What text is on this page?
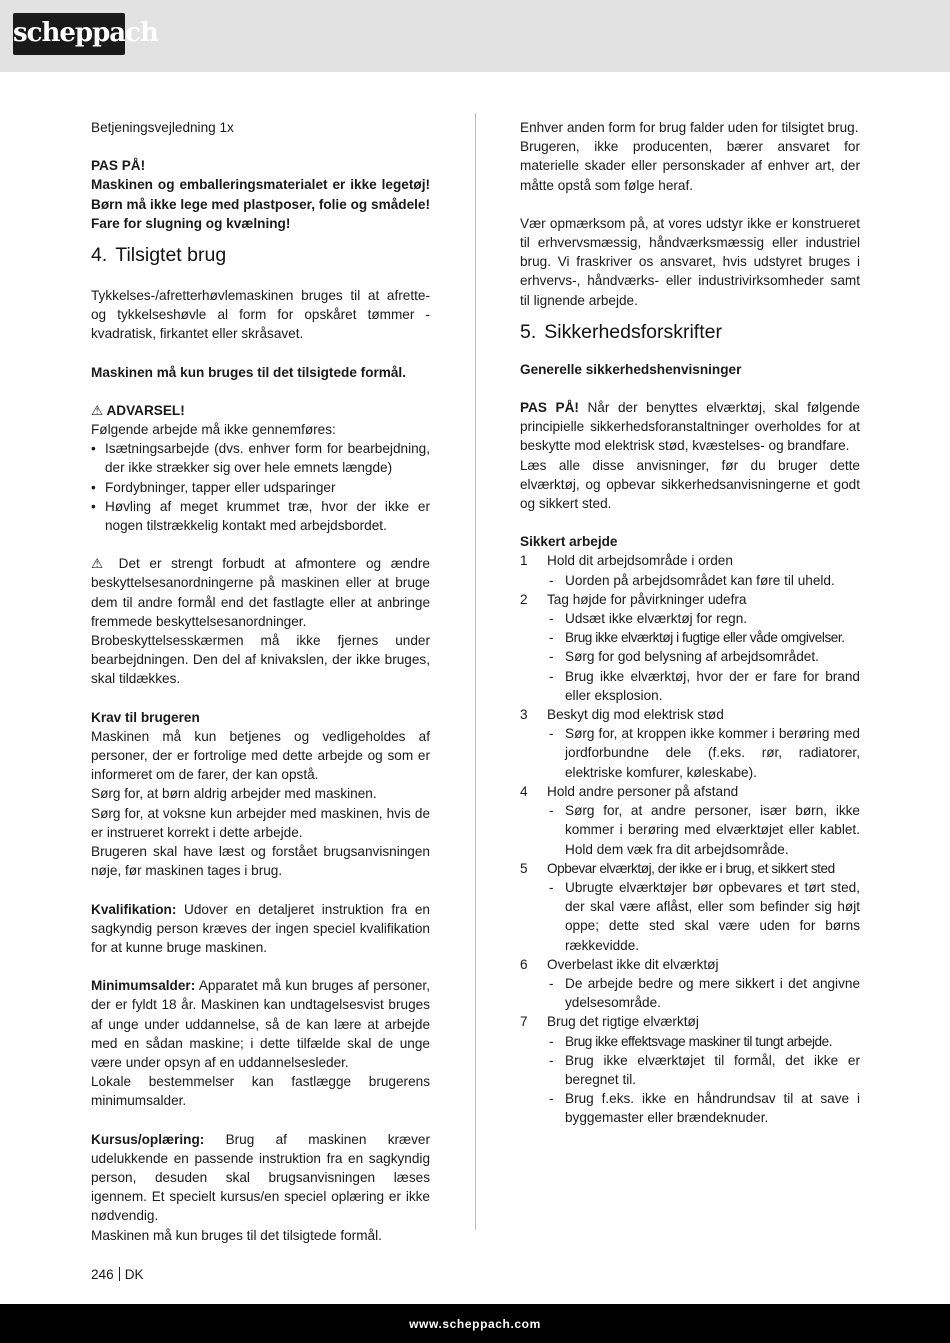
scheppach

Betjeningsvejledning 1x

PAS PÅ!

Maskinen og emballeringsmaterialet er ikke legetøj! Børn må ikke lege med plastposer, folie og smådele! Fare for slugning og kvælning!

4. Tilsigtet brug

Tykkelses-/afretterhøvlemaskinen bruges til at afrette- og tykkelseshøvle al form for opskåret tømmer - kvadratisk, firkantet eller skråsavet.

Maskinen må kun bruges til det tilsigtede formål.

⚠ ADVARSEL!

Følgende arbejde må ikke gennemføres:

• Isætningsarbejde (dvs. enhver form for bearbejdning, der ikke strækker sig over hele emnets længde)
• Fordybninger, tapper eller udsparinger
• Høvling af meget krummet træ, hvor der ikke er nogen tilstrækkelig kontakt med arbejdsbordet.

⚠ Det er strengt forbudt at afmontere og ændre beskyttelsesanordningerne på maskinen eller at bruge dem til andre formål end det fastlagte eller at anbringe fremmede beskyttelsesanordninger.

Brobeskyttelsesskærmen må ikke fjernes under bearbejdningen. Den del af knivakslen, der ikke bruges, skal tildækkes.

Krav til brugeren

Maskinen må kun betjenes og vedligeholdes af personer, der er fortrolige med dette arbejde og som er informeret om de farer, der kan opstå.

Sørg for, at børn aldrig arbejder med maskinen.

Sørg for, at voksne kun arbejder med maskinen, hvis de er instrueret korrekt i dette arbejde.

Brugeren skal have læst og forstået brugsanvisningen nøje, før maskinen tages i brug.

Kvalifikation: Udover en detaljeret instruktion fra en sagkyndig person kræves der ingen speciel kvalifikation for at kunne bruge maskinen.

Minimumsalder: Apparatet må kun bruges af personer, der er fyldt 18 år. Maskinen kan undtagelsesvist bruges af unge under uddannelse, så de kan lære at arbejde med en sådan maskine; i dette tilfælde skal de unge være under opsyn af en uddannelsesleder.

Lokale bestemmelser kan fastlægge brugerens minimumsalder.

Kursus/oplæring: Brug af maskinen kræver udelukkende en passende instruktion fra en sagkyndig person, desuden skal brugsanvisningen læses igennem. Et specielt kursus/en speciel oplæring er ikke nødvendig.

Maskinen må kun bruges til det tilsigtede formål.

Enhver anden form for brug falder uden for tilsigtet brug.

Brugeren, ikke producenten, bærer ansvaret for materielle skader eller personskader af enhver art, der måtte opstå som følge heraf.

Vær opmærksom på, at vores udstyr ikke er konstrueret til erhvervsmæssig, håndværksmæssig eller industriel brug. Vi fraskriver os ansvaret, hvis udstyret bruges i erhvervs-, håndværks- eller industrivirksomheder samt til lignende arbejde.

5. Sikkerhedsforskrifter

Generelle sikkerhedshenvisninger

PAS PÅ! Når der benyttes elværktøj, skal følgende principielle sikkerhedsforanstaltninger overholdes for at beskytte mod elektrisk stød, kvæstelses- og brandfare.

Læs alle disse anvisninger, før du bruger dette elværktøj, og opbevar sikkerhedsanvisningerne et godt og sikkert sted.

Sikkert arbejde

1 Hold dit arbejdsområde i orden
- Uorden på arbejdsområdet kan føre til uheld.
2 Tag højde for påvirkninger udefra
- Udsæt ikke elværktøj for regn.
- Brug ikke elværktøj i fugtige eller våde omgivelser.
- Sørg for god belysning af arbejdsområdet.
- Brug ikke elværktøj, hvor der er fare for brand eller eksplosion.
3 Beskyt dig mod elektrisk stød
- Sørg for, at kroppen ikke kommer i berøring med jordforbundne dele (f.eks. rør, radiatorer, elektriske komfurer, køleskabe).
4 Hold andre personer på afstand
- Sørg for, at andre personer, især børn, ikke kommer i berøring med elværktøjet eller kablet. Hold dem væk fra dit arbejdsområde.
5 Opbevar elværktøj, der ikke er i brug, et sikkert sted
- Ubrugte elværktøjer bør opbevares et tørt sted, der skal være aflåst, eller som befinder sig højt oppe; dette sted skal være uden for børns rækkevidde.
6 Overbelast ikke dit elværktøj
- De arbejde bedre og mere sikkert i det angivne ydelsesområde.
7 Brug det rigtige elværktøj
- Brug ikke effektsvage maskiner til tungt arbejde.
- Brug ikke elværktøjet til formål, det ikke er beregnet til.
- Brug f.eks. ikke en håndrundsav til at save i byggemaster eller brændeknuder.
246 DK
www.scheppach.com
